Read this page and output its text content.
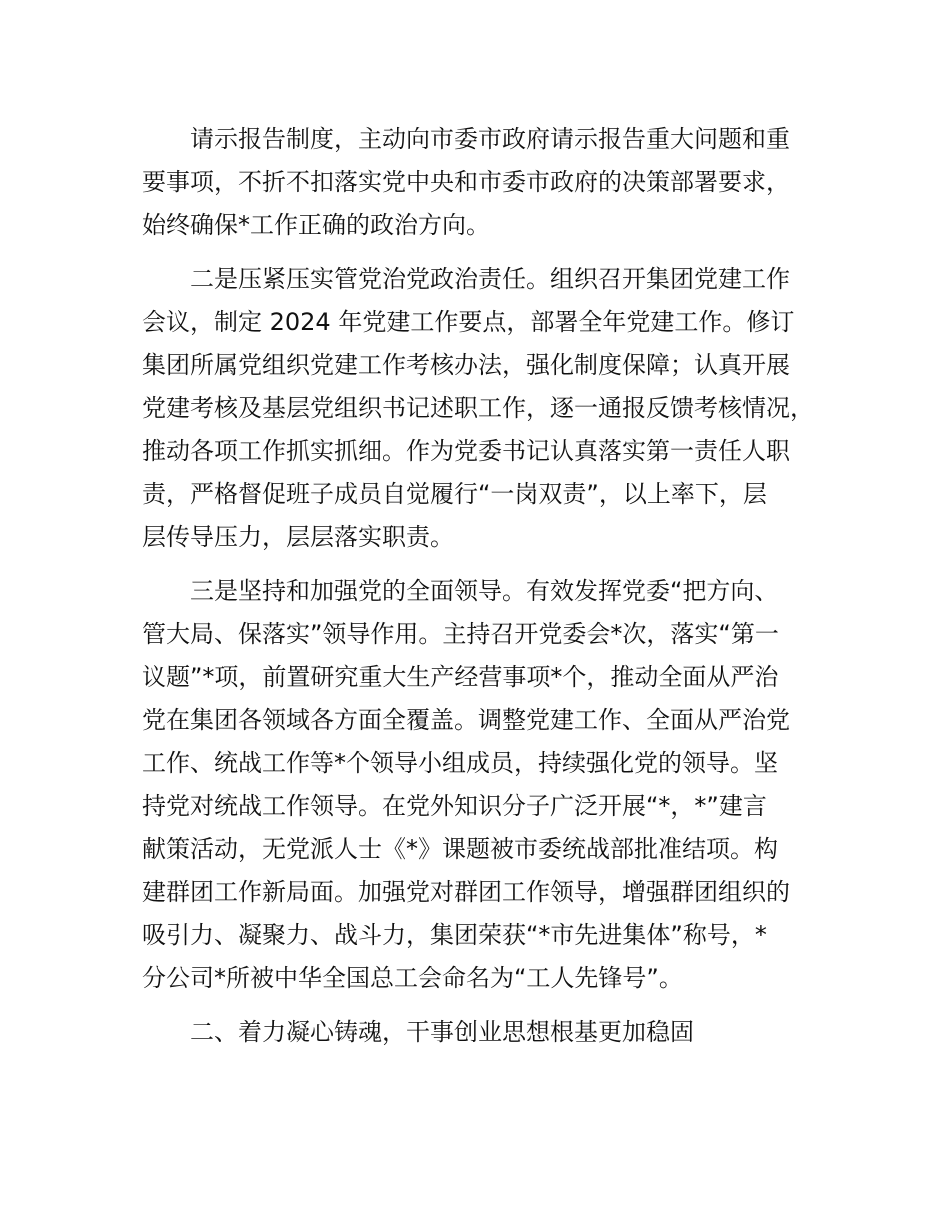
请示报告制度，主动向市委市政府请示报告重大问题和重
要事项，不折不扣落实党中央和市委市政府的决策部署要求，
始终确保*工作正确的政治方向。

二是压紧压实管党治党政治责任。组织召开集团党建工作
会议，制定 2024 年党建工作要点，部署全年党建工作。修订
集团所属党组织党建工作考核办法，强化制度保障；认真开展
党建考核及基层党组织书记述职工作，逐一通报反馈考核情况，
推动各项工作抓实抓细。作为党委书记认真落实第一责任人职
责，严格督促班子成员自觉履行“一岗双责”，以上率下，层
层传导压力，层层落实职责。

三是坚持和加强党的全面领导。有效发挥党委“把方向、
管大局、保落实”领导作用。主持召开党委会*次，落实“第一
议题”*项，前置研究重大生产经营事项*个，推动全面从严治
党在集团各领域各方面全覆盖。调整党建工作、全面从严治党
工作、统战工作等*个领导小组成员，持续强化党的领导。坚
持党对统战工作领导。在党外知识分子广泛开展“*，*”建言
献策活动，无党派人士《*》课题被市委统战部批准结项。构
建群团工作新局面。加强党对群团工作领导，增强群团组织的
吸引力、凝聚力、战斗力，集团荣获“*市先进集体”称号，*
分公司*所被中华全国总工会命名为“工人先锋号”。

二、着力凝心铸魂，干事创业思想根基更加稳固
